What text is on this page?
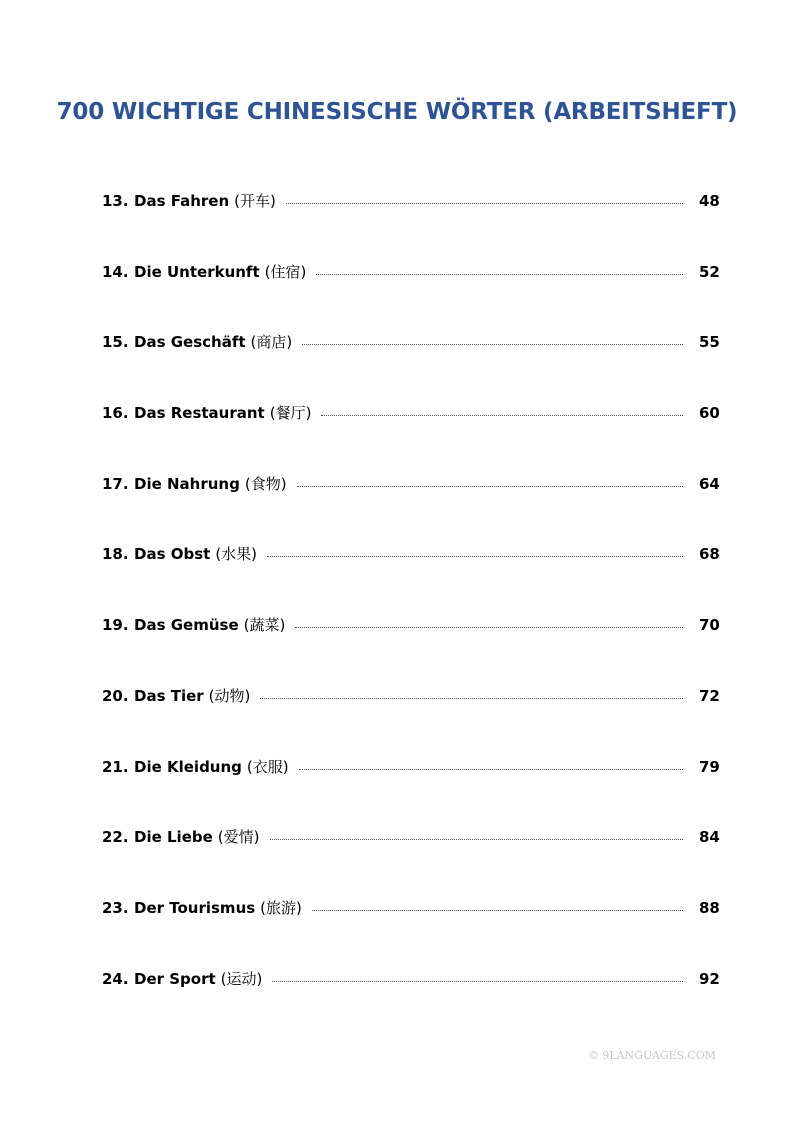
700 WICHTIGE CHINESISCHE WÖRTER (ARBEITSHEFT)
13. Das Fahren (开车)	48
14. Die Unterkunft (住宿)	52
15. Das Geschäft (商店)	55
16. Das Restaurant (餐厅)	60
17. Die Nahrung (食物)	64
18. Das Obst (水果)	68
19. Das Gemüse (蔬菜)	70
20. Das Tier (动物)	72
21. Die Kleidung (衣服)	79
22. Die Liebe (爱情)	84
23. Der Tourismus (旅游)	88
24. Der Sport (运动)	92
© 9LANGUAGES.COM
